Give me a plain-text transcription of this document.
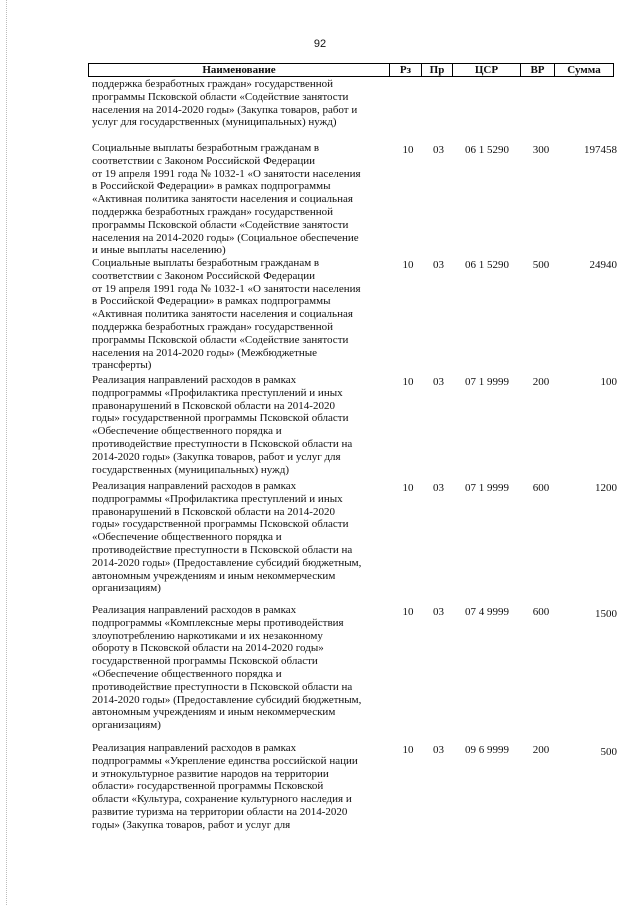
92
Наименование	Рз	Пр	ЦСР	ВР	Сумма
поддержка безработных граждан» государственной
программы Псковской области «Содействие занятости
населения на 2014-2020 годы» (Закупка товаров, работ и
услуг для государственных (муниципальных) нужд)
Социальные выплаты безработным гражданам в
соответствии с Законом Российской Федерации
от 19 апреля 1991 года № 1032-1 «О занятости населения
в Российской Федерации» в рамках подпрограммы
«Активная политика занятости населения и социальная
поддержка безработных граждан» государственной
программы Псковской области «Содействие занятости
населения на 2014-2020 годы» (Социальное обеспечение
и иные выплаты населению)
10	03	06 1 5290	300	197458
Социальные выплаты безработным гражданам в
соответствии с Законом Российской Федерации
от 19 апреля 1991 года № 1032-1 «О занятости населения
в Российской Федерации» в рамках подпрограммы
«Активная политика занятости населения и социальная
поддержка безработных граждан» государственной
программы Псковской области «Содействие занятости
населения на 2014-2020 годы» (Межбюджетные
трансферты)
10	03	06 1 5290	500	24940
Реализация направлений расходов в рамках
подпрограммы «Профилактика преступлений и иных
правонарушений в Псковской области на 2014-2020
годы» государственной программы Псковской области
«Обеспечение общественного порядка и
противодействие преступности в Псковской области на
2014-2020 годы» (Закупка товаров, работ и услуг для
государственных (муниципальных) нужд)
10	03	07 1 9999	200	100
Реализация направлений расходов в рамках
подпрограммы «Профилактика преступлений и иных
правонарушений в Псковской области на 2014-2020
годы» государственной программы Псковской области
«Обеспечение общественного порядка и
противодействие преступности в Псковской области на
2014-2020 годы» (Предоставление субсидий бюджетным,
автономным учреждениям и иным некоммерческим
организациям)
10	03	07 1 9999	600	1200
Реализация направлений расходов в рамках
подпрограммы «Комплексные меры противодействия
злоупотреблению наркотиками и их незаконному
обороту в Псковской области на 2014-2020 годы»
государственной программы Псковской области
«Обеспечение общественного порядка и
противодействие преступности в Псковской области на
2014-2020 годы» (Предоставление субсидий бюджетным,
автономным учреждениям и иным некоммерческим
организациям)
10	03	07 4 9999	600	1500
Реализация направлений расходов в рамках
подпрограммы «Укрепление единства российской нации
и этнокультурное развитие народов на территории
области» государственной программы Псковской
области «Культура, сохранение культурного наследия и
развитие туризма на территории области на 2014-2020
годы» (Закупка товаров, работ и услуг для
10	03	09 6 9999	200	500
